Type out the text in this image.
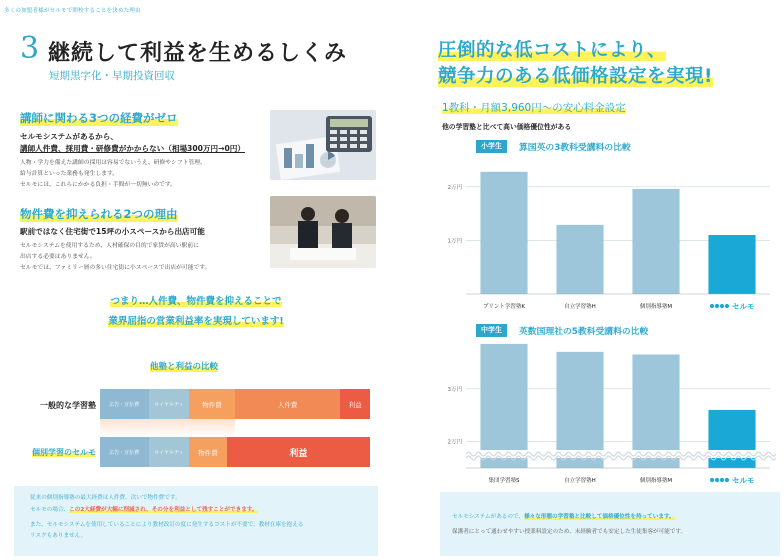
多くの加盟者様がセルモで開校することを決めた理由
3 継続して利益を生めるしくみ
短期黒字化・早期投資回収
講師に関わる3つの経費がゼロ
セルモシステムがあるから、
講師人件費、採用費・研修費がかからない（相場300万円→0円）
人物・学力を備えた講師の採用は容易でないうえ、研修やシフト管理、
給与計算といった業務も発生します。
セルモには、これらにかかる負担・手間が一切無いのです。
物件費を抑えられる2つの理由
駅前ではなく住宅街で15坪の小スペースから出店可能
セルモシステムを使用するため、人材確保の目的で家賃が高い駅前に
出店する必要はありません。
セルモでは、ファミリー層の多い住宅街に小スペースで出店が可能です。
つまり…人件費、物件費を抑えることで
業界屈指の営業利益率を実現しています!
他塾と利益の比較
一般的な学習塾
個別学習のセルモ
広告・宣伝費	ロイヤルティ	物件費	人件費	利益
広告・宣伝費	ロイヤルティ	物件費	利益
従来の個別指導塾の最大経費は人件費、次いで物件費です。
セルモの場合、この2大経費が大幅に削減され、その分を利益として残すことができます。
また、セルモシステムを使用していることにより教材改訂の度に発生するコストが不要で、教材在庫を抱える
リスクもありません。
圧倒的な低コストにより、
競争力のある低価格設定を実現!
1教科・月額3,960円～の安心料金設定
他の学習塾と比べて高い価格優位性がある
小学生	算国英の3教科受講料の比較
1万円
2万円
プリント学習塾K	自立学習塾H	個別指導塾M	セルモ
中学生	英数国理社の5教科受講料の比較
2万円
3万円
集団学習塾S	自立学習塾H	個別指導塾M	セルモ
セルモシステムがあるので、様々な形態の学習塾と比較して価格優位性を持っています。
保護者にとって通わせやすい授業料設定のため、未経験者でも安定した生徒集客が可能です。
